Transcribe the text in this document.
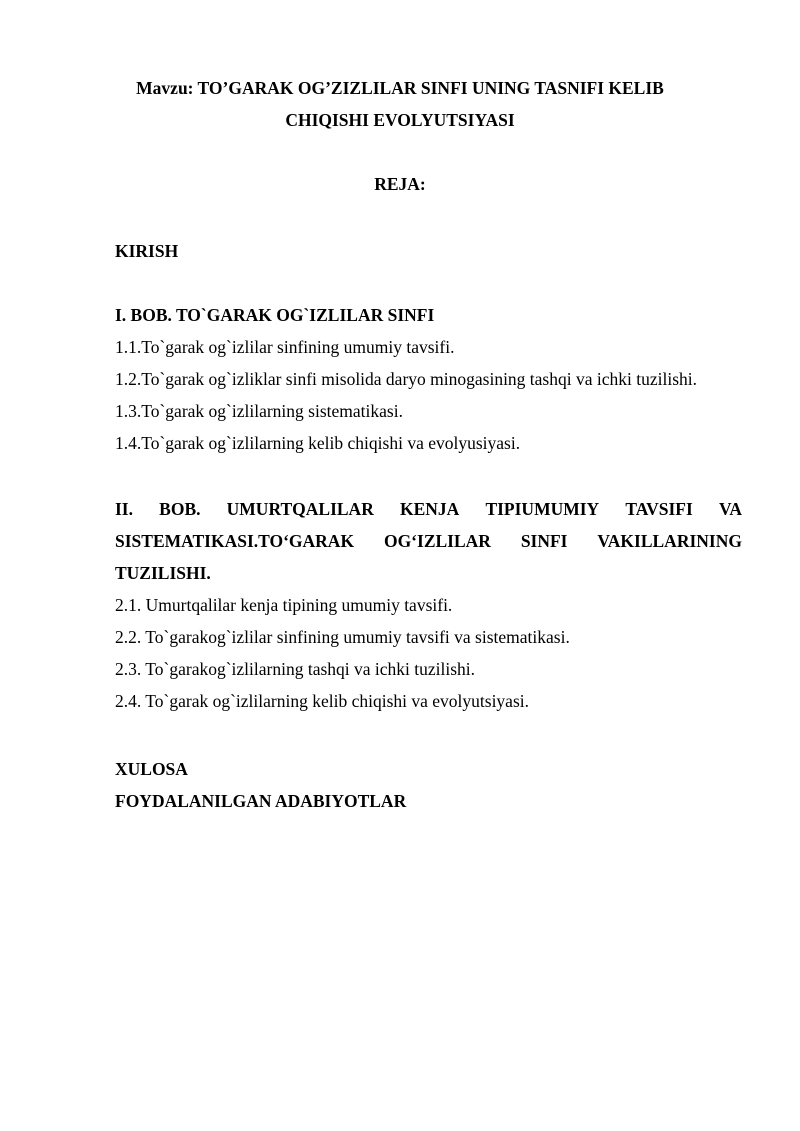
Mavzu: TO’GARAK OG’ZIZLILAR SINFI UNING TASNIFI KELIB
CHIQISHI EVOLYUTSIYASI
REJA:
KIRISH
I. BOB. TO`GARAK OG`IZLILAR SINFI
1.1.To`garak og`izlilar sinfining umumiy tavsifi.
1.2.To`garak og`izliklar sinfi misolida daryo minogasining tashqi va ichki tuzilishi.
1.3.To`garak og`izlilarning sistematikasi.
1.4.To`garak og`izlilarning kelib chiqishi va evolyusiyasi.
II. BOB. UMURTQALILAR KENJA TIPIUMUMIY TAVSIFI VA
SISTEMATIKASI.TO‘GARAK OG‘IZLILAR SINFI VAKILLARINING
TUZILISHI.
2.1. Umurtqalilar kenja tipining umumiy tavsifi.
2.2. To`garakog`izlilar sinfining umumiy tavsifi va sistematikasi.
2.3. To`garakog`izlilarning tashqi va ichki tuzilishi.
2.4. To`garak og`izlilarning kelib chiqishi va evolyutsiyasi.
XULOSA
FOYDALANILGAN ADABIYOTLAR
